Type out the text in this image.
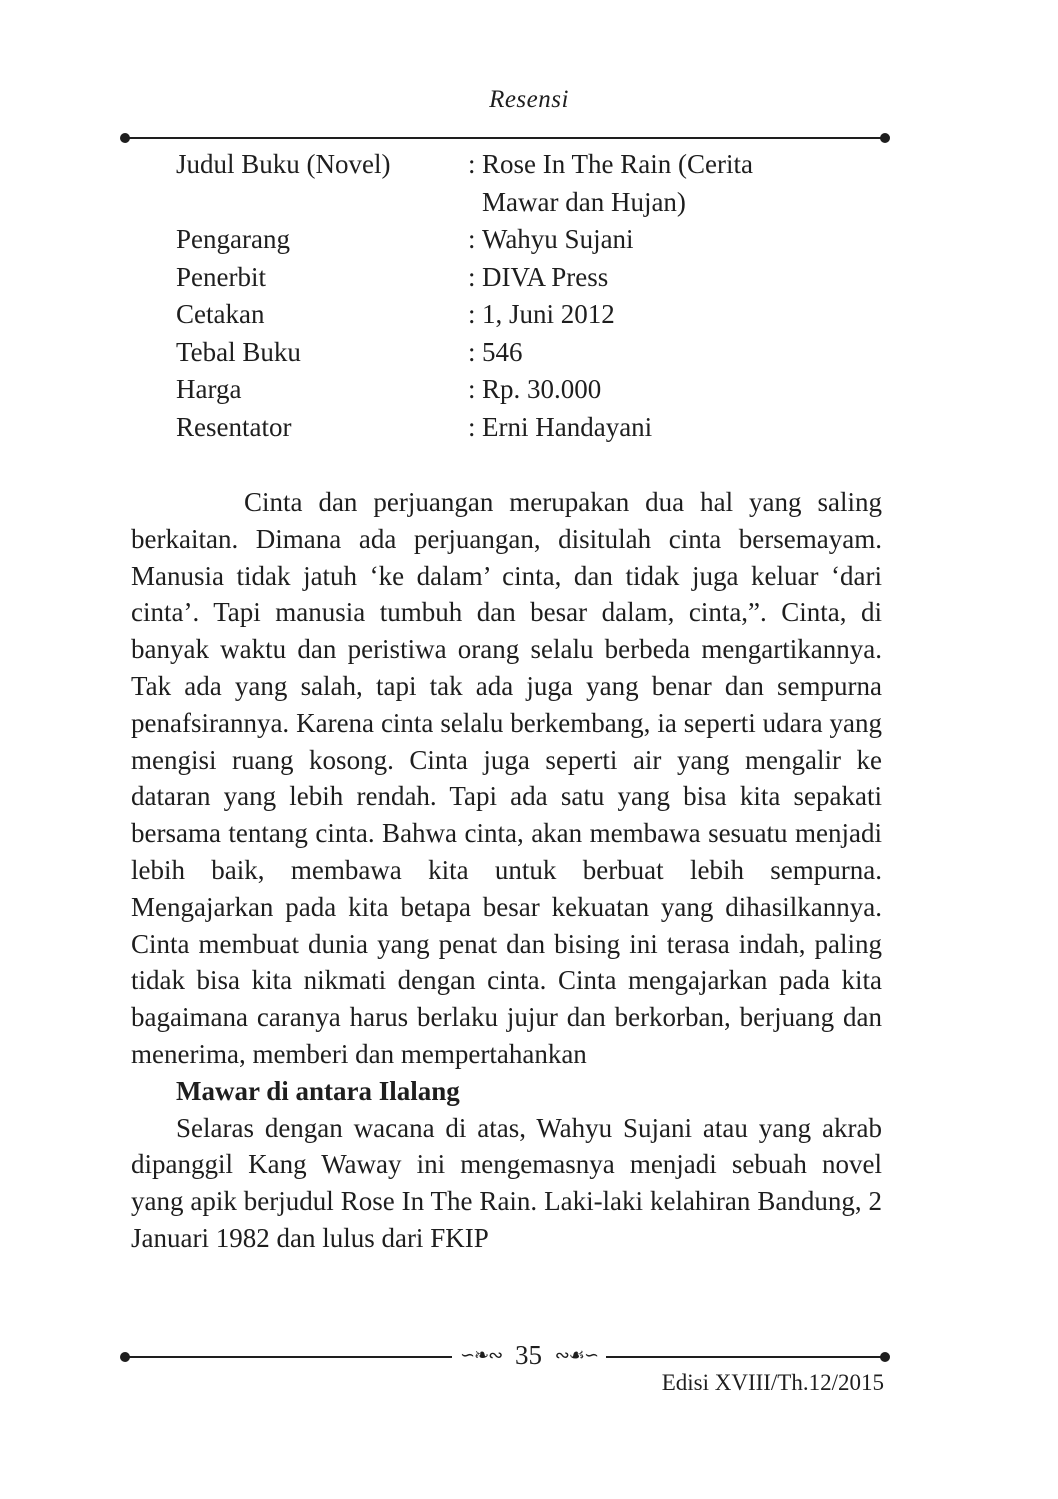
Resensi
Judul Buku (Novel)	: Rose In The Rain (Cerita Mawar dan Hujan)
Pengarang	: Wahyu Sujani
Penerbit	: DIVA Press
Cetakan	: 1, Juni 2012
Tebal Buku	: 546
Harga	: Rp. 30.000
Resentator	: Erni Handayani

Cinta dan perjuangan merupakan dua hal yang saling berkaitan. Dimana ada perjuangan, disitulah cinta bersemayam. Manusia tidak jatuh ‘ke dalam’ cinta, dan tidak juga keluar ‘dari cinta’. Tapi manusia tumbuh dan besar dalam, cinta,”. Cinta, di banyak waktu dan peristiwa orang selalu berbeda mengartikannya. Tak ada yang salah, tapi tak ada juga yang benar dan sempurna penafsirannya. Karena cinta selalu berkembang, ia seperti udara yang mengisi ruang kosong. Cinta juga seperti air yang mengalir ke dataran yang lebih rendah. Tapi ada satu yang bisa kita sepakati bersama tentang cinta. Bahwa cinta, akan membawa sesuatu menjadi lebih baik, membawa kita untuk berbuat lebih sempurna. Mengajarkan pada kita betapa besar kekuatan yang dihasilkannya. Cinta membuat dunia yang penat dan bising ini terasa indah, paling tidak bisa kita nikmati dengan cinta. Cinta mengajarkan pada kita bagaimana caranya harus berlaku jujur dan berkorban, berjuang dan menerima, memberi dan mempertahankan

Mawar di antara Ilalang

Selaras dengan wacana di atas, Wahyu Sujani atau yang akrab dipanggil Kang Waway ini mengemasnya menjadi sebuah novel yang apik berjudul Rose In The Rain. Laki-laki kelahiran Bandung, 2 Januari 1982 dan lulus dari FKIP

∽❧∾ 35 ∾☙∽
Edisi XVIII/Th.12/2015
